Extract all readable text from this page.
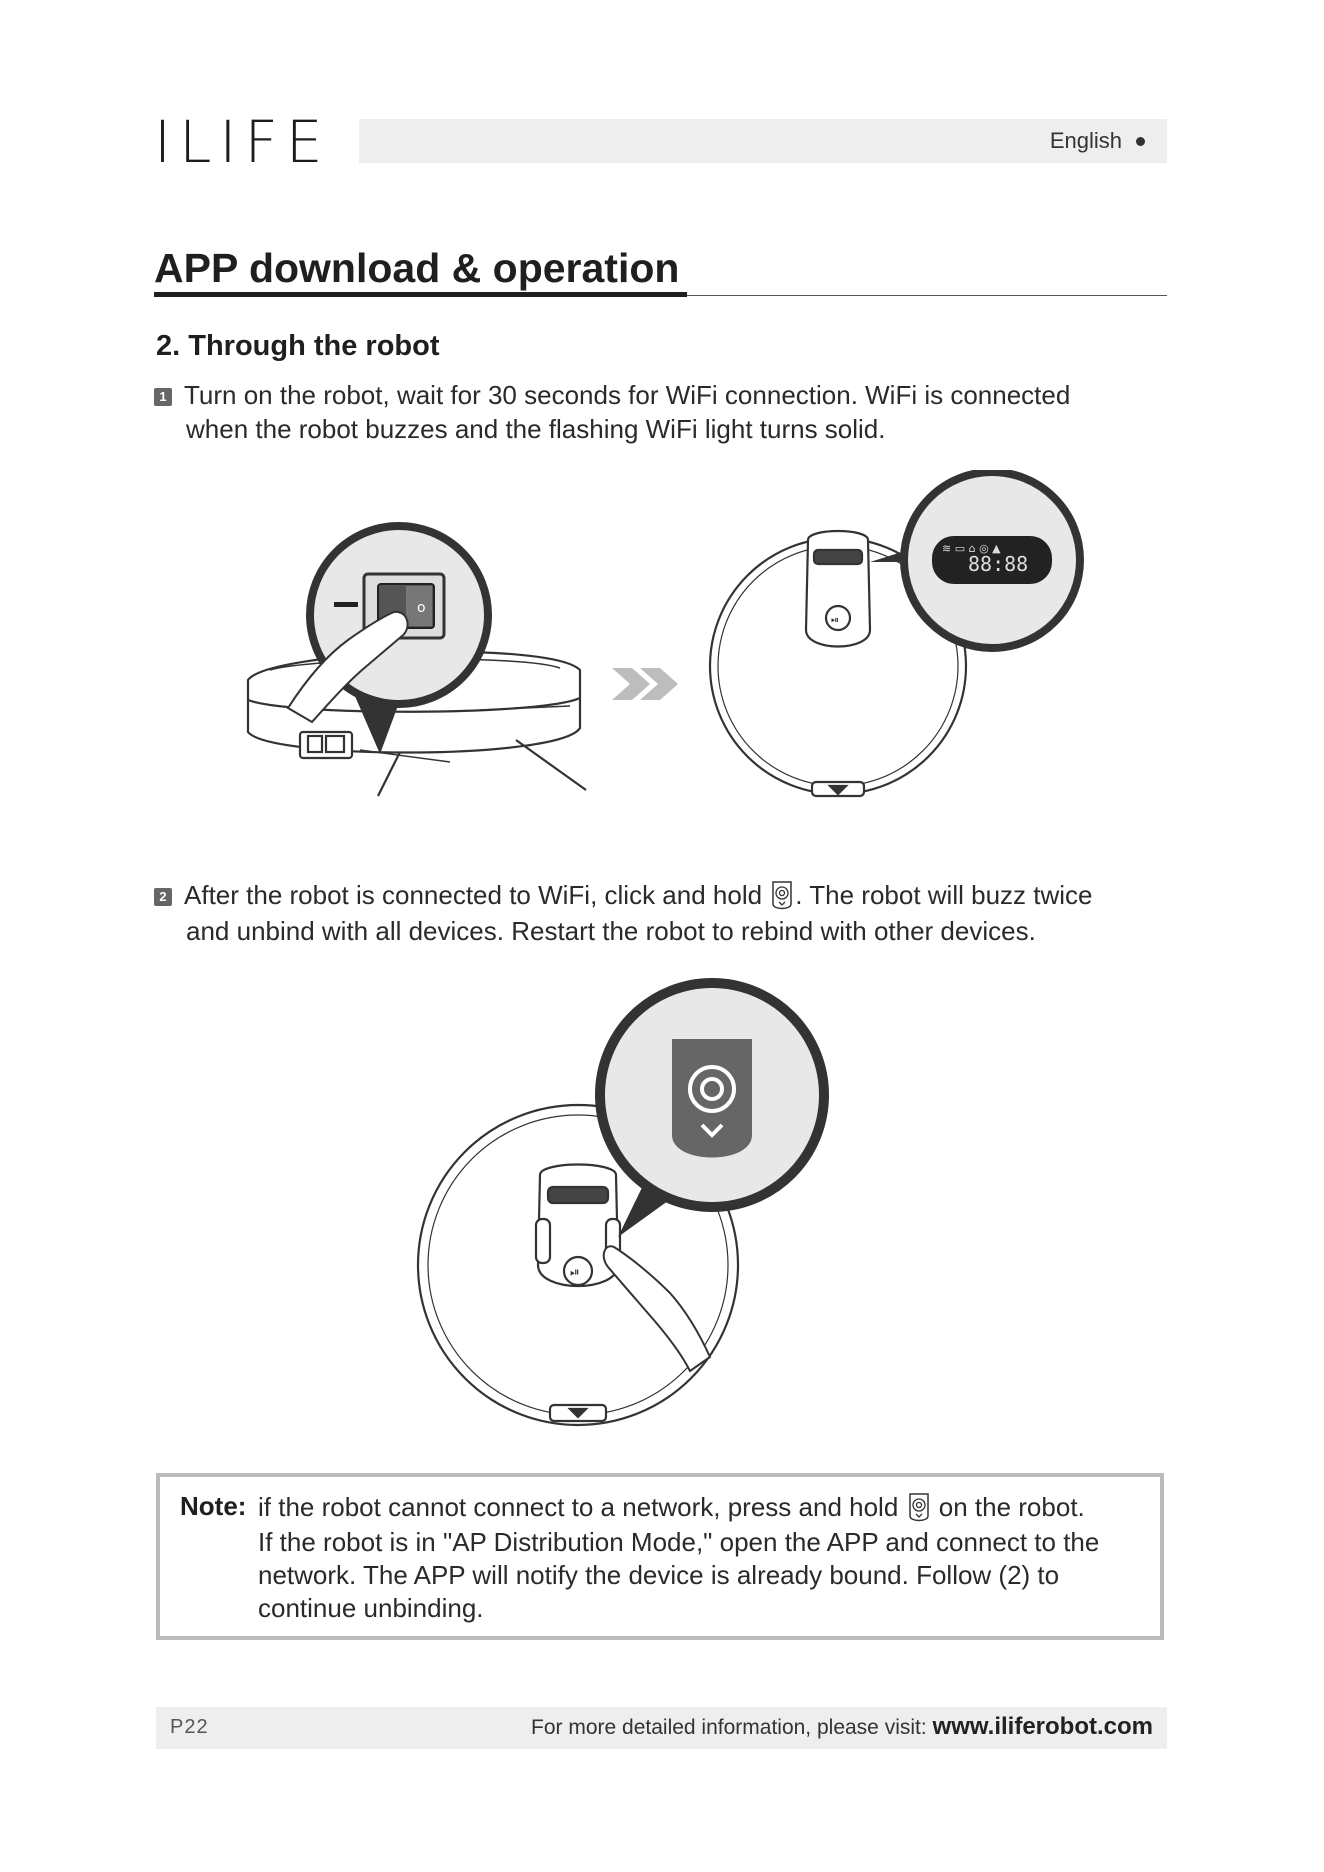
ILIFE	English
APP download & operation
2. Through the robot
1 Turn on the robot, wait for 30 seconds for WiFi connection. WiFi is connected
when the robot buzzes and the flashing WiFi light turns solid.
o
⏯
88:88
≋ ▭ ⌂ ◎ ▲
2 After the robot is connected to WiFi, click and hold . The robot will buzz twice
and unbind with all devices. Restart the robot to rebind with other devices.
⏯
Note: if the robot cannot connect to a network, press and hold on the robot.
If the robot is in "AP Distribution Mode," open the APP and connect to the
network. The APP will notify the device is already bound. Follow (2) to
continue unbinding.
P22	For more detailed information, please visit: www.iliferobot.com
